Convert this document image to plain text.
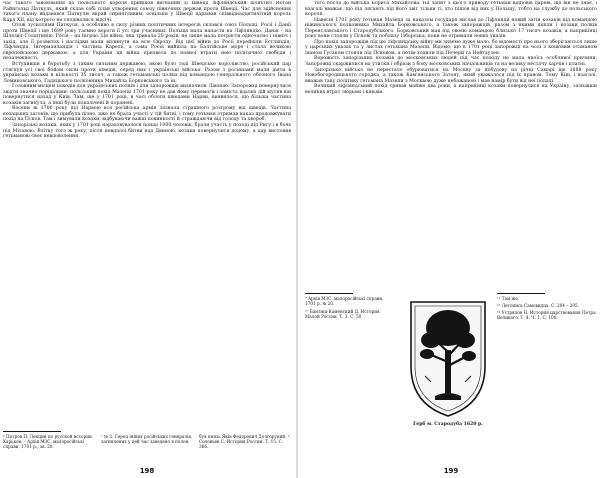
час такого завоювання до польського короля прийшов вигнаний зі Швеції ліфляндський шляхтич Йоган Райнгольд Паткуль, який склав собі план утворення союзу північних держав проти Швеції. Час для здійснення такого плану видавався Паткулю вкрай сприятливим, оскільки у Швеції царював співвіднадцятилітній король Карл XII, від котрого не сподівалися відсічі.

Отож зусиллями Паткуля, а особливо в силу різних політичних інтересів склався союз Польщі, Росії і Данії проти Швеції і ще 1699 року таємно вороги її усі три учасники. Польща мала напасти на Ліфляндію, Данія – на Шлезвіг-Голштинію, Росія – на Інгрію. Ця війна, яка тривала 20 років, не лише мала потрясти одночасно і північ і захід, але її розвиток і наслідки мали вплинути на всю Європу. Від цієї війни до Росії перейшли Естляндія, Ліфляндія, Інгерманландія і частина Карелії, а сама Росія вийшла на Балтійське море і стала великою європейською державою, а для України ця війна призвела до повної втрати нею політичної свободи і незалежності.

Вступивши в боротьбу з таким сильним державою, якою було тоді Шведське королівство, російський цар стягнув усі свої бойові сили проти шведів, серед них і українські війська. Разом з росіянами мали діяти в українські козаки в кількості 35 тисяч, а також гетьманські полки під командою генерального обозного Івана Ломиковського, Гадяцького полковника Михайла Борковського та ін.

Головним місцем походів для українських полків і для запорожців визначили Лівонію. Запорожці повернулися звідти значно поріділими: польський похід Мазепи 1701 року не дав йому перемоги і замість вдалих дій мусив він повернутися назад у Київ. Там, ще у 1701 році, в часі облоги шведами Нарви, виявилося, що більша частина козаків загинула, а інші були покалічені й поранені.

Восени ж 1700 року під Нарвою вся російська армія зазнала страшного розгрому від шведів. Частина козацьких загонів, що прибула пізно, вже не брала участі у тій битві, і тому гетьман отримав наказ продовжувати похід на Псков. Там і зимували козаки, відбуваючи важкі повинності й страждаючи від голоду та хвороб.

Запорізькі козаки, яких у 1701 році нараховувалося понад 1000 чоловік, брали участь у поході під Ригу і в боях під Мітавою. Влітку того ж року, після невдалої битви над Двиною, козаки повернулися додому, а цар висловив гетьманові своє невдоволення.

⁶ Петров П. Лекции по русской истории. Харьков. – Архів МЗС, малоросійські справи, 1701 р., зв. 20.

⁷ № 3. Сеpед інших російських генералів, загиплених у цей час заведено в полон.

буя князь Яків Федорович Долгорукий. ⁸ Соловьев С. История России. Т. 15. С. 366.

198

того посла до війська Бориса Михайлова. На запит з цього приводу гетьман відповів цареві, що він не знає, і взагалі вважає, що під лягають під його звіт тільки ті, хто пішов від них у Польщу, тобто на службу до польського короля.

Навесні 1701 року гетьман Мазепа за наказом государя вислав до Ліфляндії новий загін козаків під командою ніжинського полковника Михайла Борковського, а також запорожців, разом з якими пішли і козаки полків Переяславського і Стародубського. Борковський мав під своєю командою близько 17 тисяч козаків, а наприкінці року вони стояли у Пскові та поблизу Ізборська, поки не отримали нових указів.

Про похід запорожців під цю ліфляндську війну ми знаємо дуже мало, бо відомості про нього зберігаються лише у царських указах та у листах гетьмана Мазепи. Відомо, що в 1701 році запорожці на чолі з кошовим отаманом Іваном Гусаком стояли під Псковом, а потім ходили під Печери та Нейгаузен.

Ворожість запорізьких козаків до московських людей під час походу не мала якоїсь особливої причини. Запорожці скаржилися на утиски і образи з боку московських начальників та на велику нестачу харчів і платні.

Запорізьке військо не перестало обурюватися на Москву за побудову на річці Самарі ще 1688 року Новобогородицького городка, а також Кам'янського Затону, який уважалося під їх правом. Тому Кіш, і взагалі, вважав таку політику гетьмана Мазепи з Москвою дуже небажаною і мав намір бути від неї подалі.

Великий ліфляндський похід тривав майже два роки, а наприкінці козаки повернулися на Україну, зазнавши великих втрат людьми і кіньми.

⁹ Архів МЗС, малоросійські справи, 1701 р. № 20.

¹⁰ Бантиш-Каменский Д. История Малой России. Т. 3. С. 50.

Герб м. Стародуба 1620 р.

¹¹ Там же.

¹² Летопись Самовидца. С. 204 – 205.

¹³ Устрялов Н. История царствования Петра Великого. Т. 4. Ч. 1. С. 100.

199
